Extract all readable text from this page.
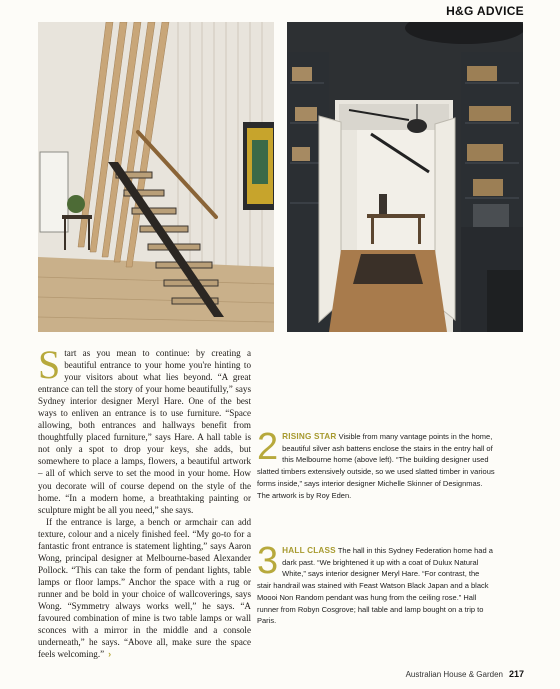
H&G ADVICE

Start as you mean to continue: by creating a beautiful entrance to your home you're hinting to your visitors about what lies beyond. “A great entrance can tell the story of your home beautifully,” says Sydney interior designer Meryl Hare. One of the best ways to enliven an entrance is to use furniture. “Space allowing, both entrances and hallways benefit from thoughtfully placed furniture,” says Hare. A hall table is not only a spot to drop your keys, she adds, but somewhere to place a lamps, flowers, a beautiful artwork – all of which serve to set the mood in your home. How you decorate will of course depend on the style of the home. “In a modern home, a breathtaking painting or sculpture might be all you need,” she says.

If the entrance is large, a bench or armchair can add texture, colour and a nicely finished feel. “My go-to for a fantastic front entrance is statement lighting,” says Aaron Wong, principal designer at Melbourne-based Alexander Pollock. “This can take the form of pendant lights, table lamps or floor lamps.” Anchor the space with a rug or runner and be bold in your choice of wallcoverings, says Wong. “Symmetry always works well,” he says. “A favoured combination of mine is two table lamps or wall sconces with a mirror in the middle and a console underneath,” he says. “Above all, make sure the space feels welcoming.” ›

2 RISING STAR Visible from many vantage points in the home, beautiful silver ash battens enclose the stairs in the entry hall of this Melbourne home (above left). “The building designer used slatted timbers extensively outside, so we used slatted timber in various forms inside,” says interior designer Michelle Skinner of Designmas. The artwork is by Roy Eden.
3 HALL CLASS The hall in this Sydney Federation home had a dark past. “We brightened it up with a coat of Dulux Natural White,” says interior designer Meryl Hare. “For contrast, the stair handrail was stained with Feast Watson Black Japan and a black Moooi Non Random pendant was hung from the ceiling rose.” Hall runner from Robyn Cosgrove; hall table and lamp bought on a trip to Paris.
Australian House & Garden 217
